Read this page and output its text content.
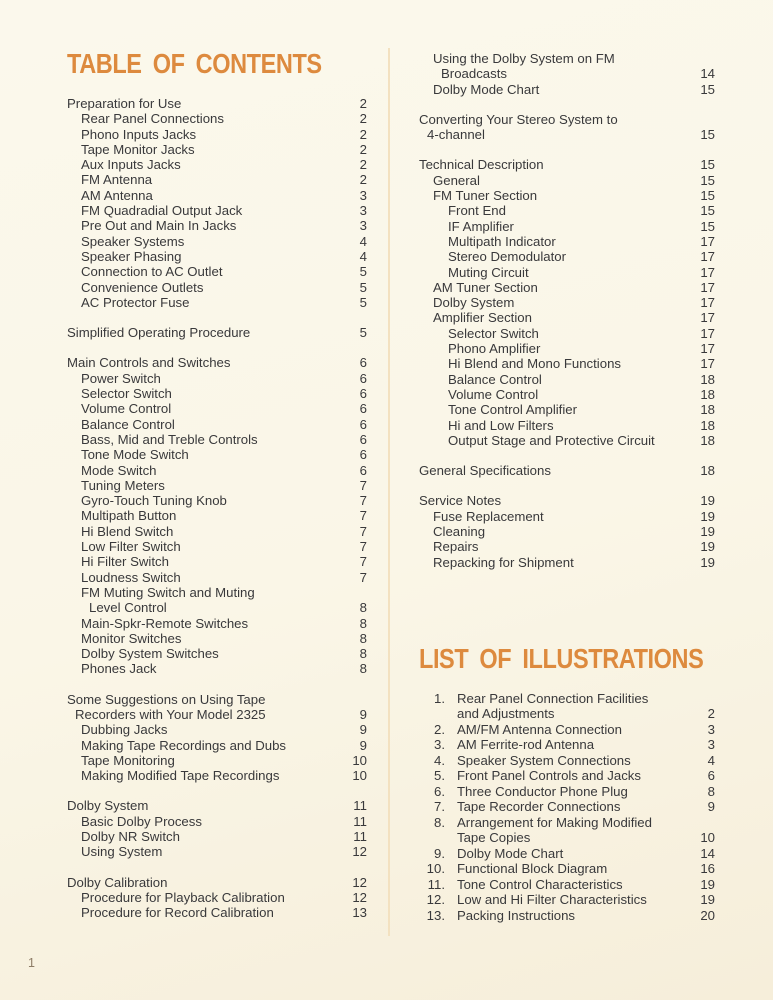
TABLE OF CONTENTS
Preparation for Use	2
Rear Panel Connections	2
Phono Inputs Jacks	2
Tape Monitor Jacks	2
Aux Inputs Jacks	2
FM Antenna	2
AM Antenna	3
FM Quadradial Output Jack	3
Pre Out and Main In Jacks	3
Speaker Systems	4
Speaker Phasing	4
Connection to AC Outlet	5
Convenience Outlets	5
AC Protector Fuse	5
Simplified Operating Procedure	5
Main Controls and Switches	6
Power Switch	6
Selector Switch	6
Volume Control	6
Balance Control	6
Bass, Mid and Treble Controls	6
Tone Mode Switch	6
Mode Switch	6
Tuning Meters	7
Gyro-Touch Tuning Knob	7
Multipath Button	7
Hi Blend Switch	7
Low Filter Switch	7
Hi Filter Switch	7
Loudness Switch	7
FM Muting Switch and Muting
Level Control	8
Main-Spkr-Remote Switches	8
Monitor Switches	8
Dolby System Switches	8
Phones Jack	8
Some Suggestions on Using Tape
Recorders with Your Model 2325	9
Dubbing Jacks	9
Making Tape Recordings and Dubs	9
Tape Monitoring	10
Making Modified Tape Recordings	10
Dolby System	11
Basic Dolby Process	11
Dolby NR Switch	11
Using System	12
Dolby Calibration	12
Procedure for Playback Calibration	12
Procedure for Record Calibration	13
Using the Dolby System on FM
Broadcasts	14
Dolby Mode Chart	15
Converting Your Stereo System to
4-channel	15
Technical Description	15
General	15
FM Tuner Section	15
Front End	15
IF Amplifier	15
Multipath Indicator	17
Stereo Demodulator	17
Muting Circuit	17
AM Tuner Section	17
Dolby System	17
Amplifier Section	17
Selector Switch	17
Phono Amplifier	17
Hi Blend and Mono Functions	17
Balance Control	18
Volume Control	18
Tone Control Amplifier	18
Hi and Low Filters	18
Output Stage and Protective Circuit	18
General Specifications	18
Service Notes	19
Fuse Replacement	19
Cleaning	19
Repairs	19
Repacking for Shipment	19
LIST OF ILLUSTRATIONS
1. Rear Panel Connection Facilities
and Adjustments	2
2. AM/FM Antenna Connection	3
3. AM Ferrite-rod Antenna	3
4. Speaker System Connections	4
5. Front Panel Controls and Jacks	6
6. Three Conductor Phone Plug	8
7. Tape Recorder Connections	9
8. Arrangement for Making Modified
Tape Copies	10
9. Dolby Mode Chart	14
10. Functional Block Diagram	16
11. Tone Control Characteristics	19
12. Low and Hi Filter Characteristics	19
13. Packing Instructions	20
1
